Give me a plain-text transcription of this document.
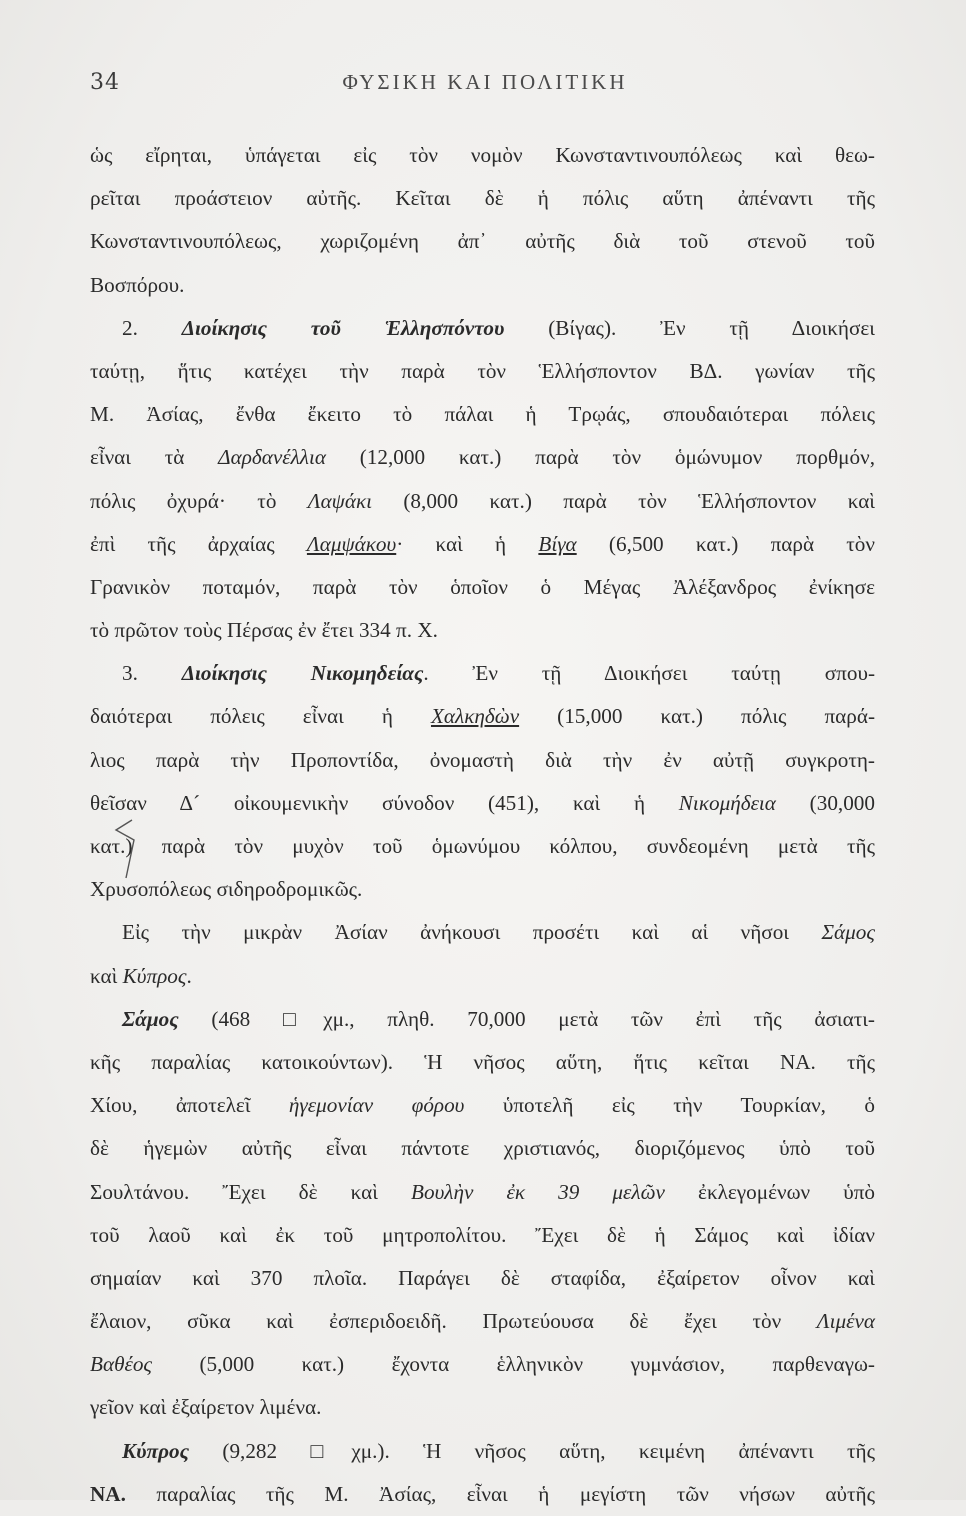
34	ΦΥΣΙΚΗ ΚΑΙ ΠΟΛΙΤΙΚΗ
ὡς εἴρηται, ὑπάγεται εἰς τὸν νομὸν Κωνσταντινουπόλεως καὶ θεω-
ρεῖται προάστειον αὐτῆς. Κεῖται δὲ ἡ πόλις αὕτη ἀπέναντι τῆς
Κωνσταντινουπόλεως, χωριζομένη ἀπ᾽ αὐτῆς διὰ τοῦ στενοῦ τοῦ
Βοσπόρου.
2. Διοίκησις τοῦ Ἑλλησπόντου (Βίγας). Ἐν τῇ Διοικήσει
ταύτῃ, ἥτις κατέχει τὴν παρὰ τὸν Ἑλλήσποντον ΒΔ. γωνίαν τῆς
Μ. Ἀσίας, ἔνθα ἔκειτο τὸ πάλαι ἡ Τρῳάς, σπουδαιότεραι πόλεις
εἶναι τὰ Δαρδανέλλια (12,000 κατ.) παρὰ τὸν ὁμώνυμον πορθμόν,
πόλις ὀχυρά· τὸ Λαψάκι (8,000 κατ.) παρὰ τὸν Ἑλλήσποντον καὶ
ἐπὶ τῆς ἀρχαίας Λαμψάκου· καὶ ἡ Βίγα (6,500 κατ.) παρὰ τὸν
Γρανικὸν ποταμόν, παρὰ τὸν ὁποῖον ὁ Μέγας Ἀλέξανδρος ἐνίκησε
τὸ πρῶτον τοὺς Πέρσας ἐν ἔτει 334 π. Χ.
3. Διοίκησις Νικομηδείας. Ἐν τῇ Διοικήσει ταύτῃ σπου-
δαιότεραι πόλεις εἶναι ἡ Χαλκηδὼν (15,000 κατ.) πόλις παρά-
λιος παρὰ τὴν Προποντίδα, ὀνομαστὴ διὰ τὴν ἐν αὐτῇ συγκροτη-
θεῖσαν Δ´ οἰκουμενικὴν σύνοδον (451), καὶ ἡ Νικομήδεια (30,000
κατ.) παρὰ τὸν μυχὸν τοῦ ὁμωνύμου κόλπου, συνδεομένη μετὰ τῆς
Χρυσοπόλεως σιδηροδρομικῶς.
Εἰς τὴν μικρὰν Ἀσίαν ἀνήκουσι προσέτι καὶ αἱ νῆσοι Σάμος
καὶ Κύπρος.
Σάμος (468 □χμ., πληθ. 70,000 μετὰ τῶν ἐπὶ τῆς ἀσιατι-
κῆς παραλίας κατοικούντων). Ἡ νῆσος αὕτη, ἥτις κεῖται ΝΑ. τῆς
Χίου, ἀποτελεῖ ἡγεμονίαν φόρου ὑποτελῆ εἰς τὴν Τουρκίαν, ὁ
δὲ ἡγεμὼν αὐτῆς εἶναι πάντοτε χριστιανός, διοριζόμενος ὑπὸ τοῦ
Σουλτάνου. Ἔχει δὲ καὶ Βουλὴν ἐκ 39 μελῶν ἐκλεγομένων ὑπὸ
τοῦ λαοῦ καὶ ἐκ τοῦ μητροπολίτου. Ἔχει δὲ ἡ Σάμος καὶ ἰδίαν
σημαίαν καὶ 370 πλοῖα. Παράγει δὲ σταφίδα, ἐξαίρετον οἶνον καὶ
ἔλαιον, σῦκα καὶ ἐσπεριδοειδῆ. Πρωτεύουσα δὲ ἔχει τὸν Λιμένα
Βαθέος (5,000 κατ.) ἔχοντα ἑλληνικὸν γυμνάσιον, παρθεναγω-
γεῖον καὶ ἐξαίρετον λιμένα.
Κύπρος (9,282 □χμ.). Ἡ νῆσος αὕτη, κειμένη ἀπέναντι τῆς
ΝΑ. παραλίας τῆς Μ. Ἀσίας, εἶναι ἡ μεγίστη τῶν νήσων αὐτῆς
